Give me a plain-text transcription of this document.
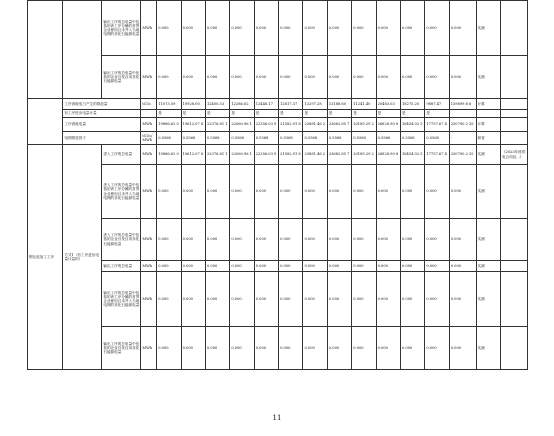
		输出工序的总电量中包括的该工序分摊的首界企业使用且未并入当地电网的非化石能源电量	MWh	0.000	0.000	0.000	0.000	0.000	0.000	0.000	0.000	0.000	0.000	0.000	0.000	0.000	实测	
		输出工序的总电量中包括的企业自发自用非化石能源电量	MWh	0.000	0.000	0.000	0.000	0.000	0.000	0.000	0.000	0.000	0.000	0.000	0.000	0.000	实测	
	工序消耗电力产生的排放量		tCO₂	11073.59	19928.00	12400.53	12286.82	12446.17	12817.37	13297.28	13188.60	11241.40	20483.03	18275.20	9887.47	159899.8 6	计算	
	有工序进出电量计量			是	是	是	是	是	是	是	是	是	是	是	是			
	工序消耗电量		MWh	19886.62 0	19612.07 8	22376.81 1	22060.96 1	22356.03 9	21582.91 8	23881.46 2	23682.85 7	20189.29 2	26828.90 8	16454.02 5	17757.67 4	250790.2 35	计算	
	电网排放因子		tCO₂/MWh	0.5568	0.5568	0.5568	0.5568	0.5568	0.5568	0.5568	0.5568	0.5568	0.5568	0.5568	0.5568	-	缺省	
钢压延加工工序	方式1（有工序进出电量计量的）	进入工序的总电量	MWh	19886.62 0	19612.07 8	22376.81 1	22060.96 1	22356.03 9	21582.91 8	23881.46 2	23682.85 7	20189.29 2	26828.90 8	16454.02 5	17757.67 4	250790.2 35	实测	《2023年度供电合同及...》
		进入工序的总电量中包括的该工序分摊的首界企业使用且未并入当地电网的非化石能源电量	MWh	0.000	0.000	0.000	0.000	0.000	0.000	0.000	0.000	0.000	0.000	0.000	0.000	0.000	实测	
		进入工序的总电量中包括的企业自发自用非化石能源电量	MWh	0.000	0.000	0.000	0.000	0.000	0.000	0.000	0.000	0.000	0.000	0.000	0.000	0.000	实测	
		输出工序的总电量	MWh	0.000	0.000	0.000	0.000	0.000	0.000	0.000	0.000	0.000	0.000	0.000	0.000	0.000	实测	
		输出工序的总电量中包括的该工序分摊的首界企业使用且未并入当地电网的非化石能源电量	MWh	0.000	0.000	0.000	0.000	0.000	0.000	0.000	0.000	0.000	0.000	0.000	0.000	0.000	实测	
		输出工序的总电量中包括的企业自发自用非化石能源电量	MWh	0.000	0.000	0.000	0.000	0.000	0.000	0.000	0.000	0.000	0.000	0.000	0.000	0.000	实测	
11
